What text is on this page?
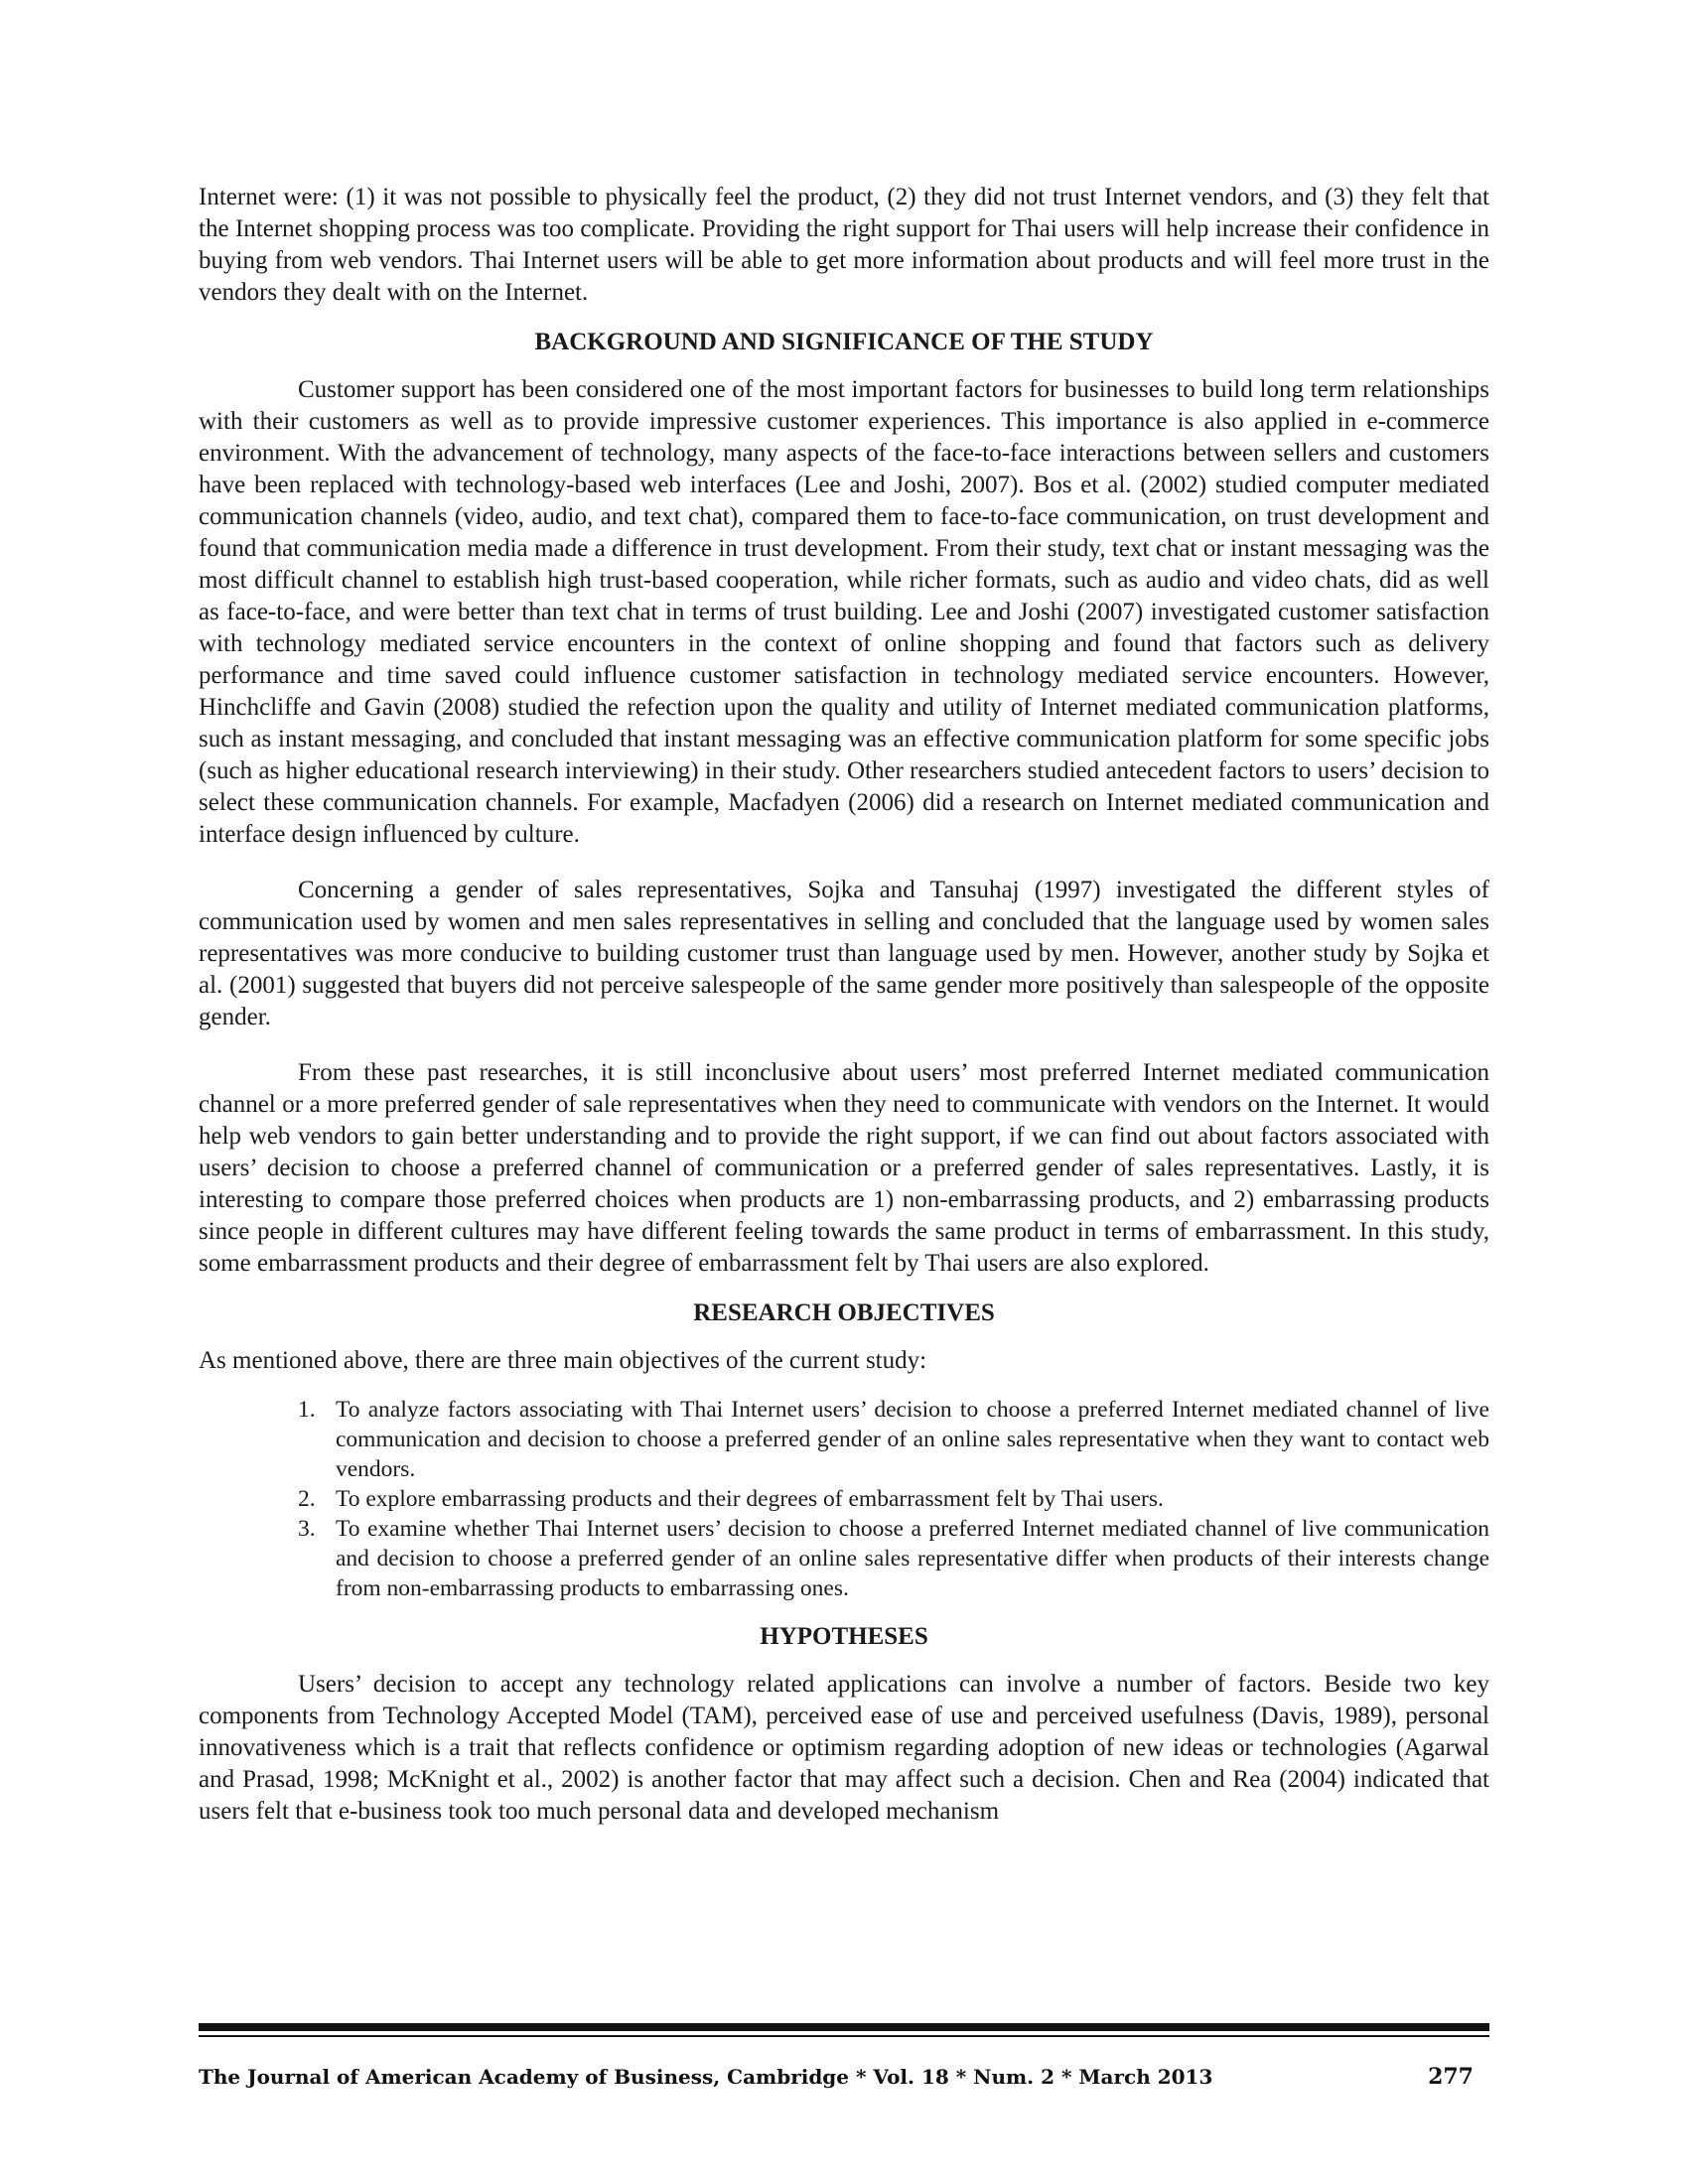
Internet were: (1) it was not possible to physically feel the product, (2) they did not trust Internet vendors, and (3) they felt that the Internet shopping process was too complicate. Providing the right support for Thai users will help increase their confidence in buying from web vendors. Thai Internet users will be able to get more information about products and will feel more trust in the vendors they dealt with on the Internet.

BACKGROUND AND SIGNIFICANCE OF THE STUDY

Customer support has been considered one of the most important factors for businesses to build long term relationships with their customers as well as to provide impressive customer experiences. This importance is also applied in e-commerce environment. With the advancement of technology, many aspects of the face-to-face interactions between sellers and customers have been replaced with technology-based web interfaces (Lee and Joshi, 2007). Bos et al. (2002) studied computer mediated communication channels (video, audio, and text chat), compared them to face-to-face communication, on trust development and found that communication media made a difference in trust development. From their study, text chat or instant messaging was the most difficult channel to establish high trust-based cooperation, while richer formats, such as audio and video chats, did as well as face-to-face, and were better than text chat in terms of trust building. Lee and Joshi (2007) investigated customer satisfaction with technology mediated service encounters in the context of online shopping and found that factors such as delivery performance and time saved could influence customer satisfaction in technology mediated service encounters. However, Hinchcliffe and Gavin (2008) studied the refection upon the quality and utility of Internet mediated communication platforms, such as instant messaging, and concluded that instant messaging was an effective communication platform for some specific jobs (such as higher educational research interviewing) in their study. Other researchers studied antecedent factors to users’ decision to select these communication channels. For example, Macfadyen (2006) did a research on Internet mediated communication and interface design influenced by culture.

Concerning a gender of sales representatives, Sojka and Tansuhaj (1997) investigated the different styles of communication used by women and men sales representatives in selling and concluded that the language used by women sales representatives was more conducive to building customer trust than language used by men. However, another study by Sojka et al. (2001) suggested that buyers did not perceive salespeople of the same gender more positively than salespeople of the opposite gender.

From these past researches, it is still inconclusive about users’ most preferred Internet mediated communication channel or a more preferred gender of sale representatives when they need to communicate with vendors on the Internet. It would help web vendors to gain better understanding and to provide the right support, if we can find out about factors associated with users’ decision to choose a preferred channel of communication or a preferred gender of sales representatives. Lastly, it is interesting to compare those preferred choices when products are 1) non-embarrassing products, and 2) embarrassing products since people in different cultures may have different feeling towards the same product in terms of embarrassment. In this study, some embarrassment products and their degree of embarrassment felt by Thai users are also explored.

RESEARCH OBJECTIVES

As mentioned above, there are three main objectives of the current study:

1. To analyze factors associating with Thai Internet users’ decision to choose a preferred Internet mediated channel of live communication and decision to choose a preferred gender of an online sales representative when they want to contact web vendors.
2. To explore embarrassing products and their degrees of embarrassment felt by Thai users.
3. To examine whether Thai Internet users’ decision to choose a preferred Internet mediated channel of live communication and decision to choose a preferred gender of an online sales representative differ when products of their interests change from non-embarrassing products to embarrassing ones.
HYPOTHESES

Users’ decision to accept any technology related applications can involve a number of factors. Beside two key components from Technology Accepted Model (TAM), perceived ease of use and perceived usefulness (Davis, 1989), personal innovativeness which is a trait that reflects confidence or optimism regarding adoption of new ideas or technologies (Agarwal and Prasad, 1998; McKnight et al., 2002) is another factor that may affect such a decision. Chen and Rea (2004) indicated that users felt that e-business took too much personal data and developed mechanism

The Journal of American Academy of Business, Cambridge * Vol. 18 * Num. 2 * March 2013	277
